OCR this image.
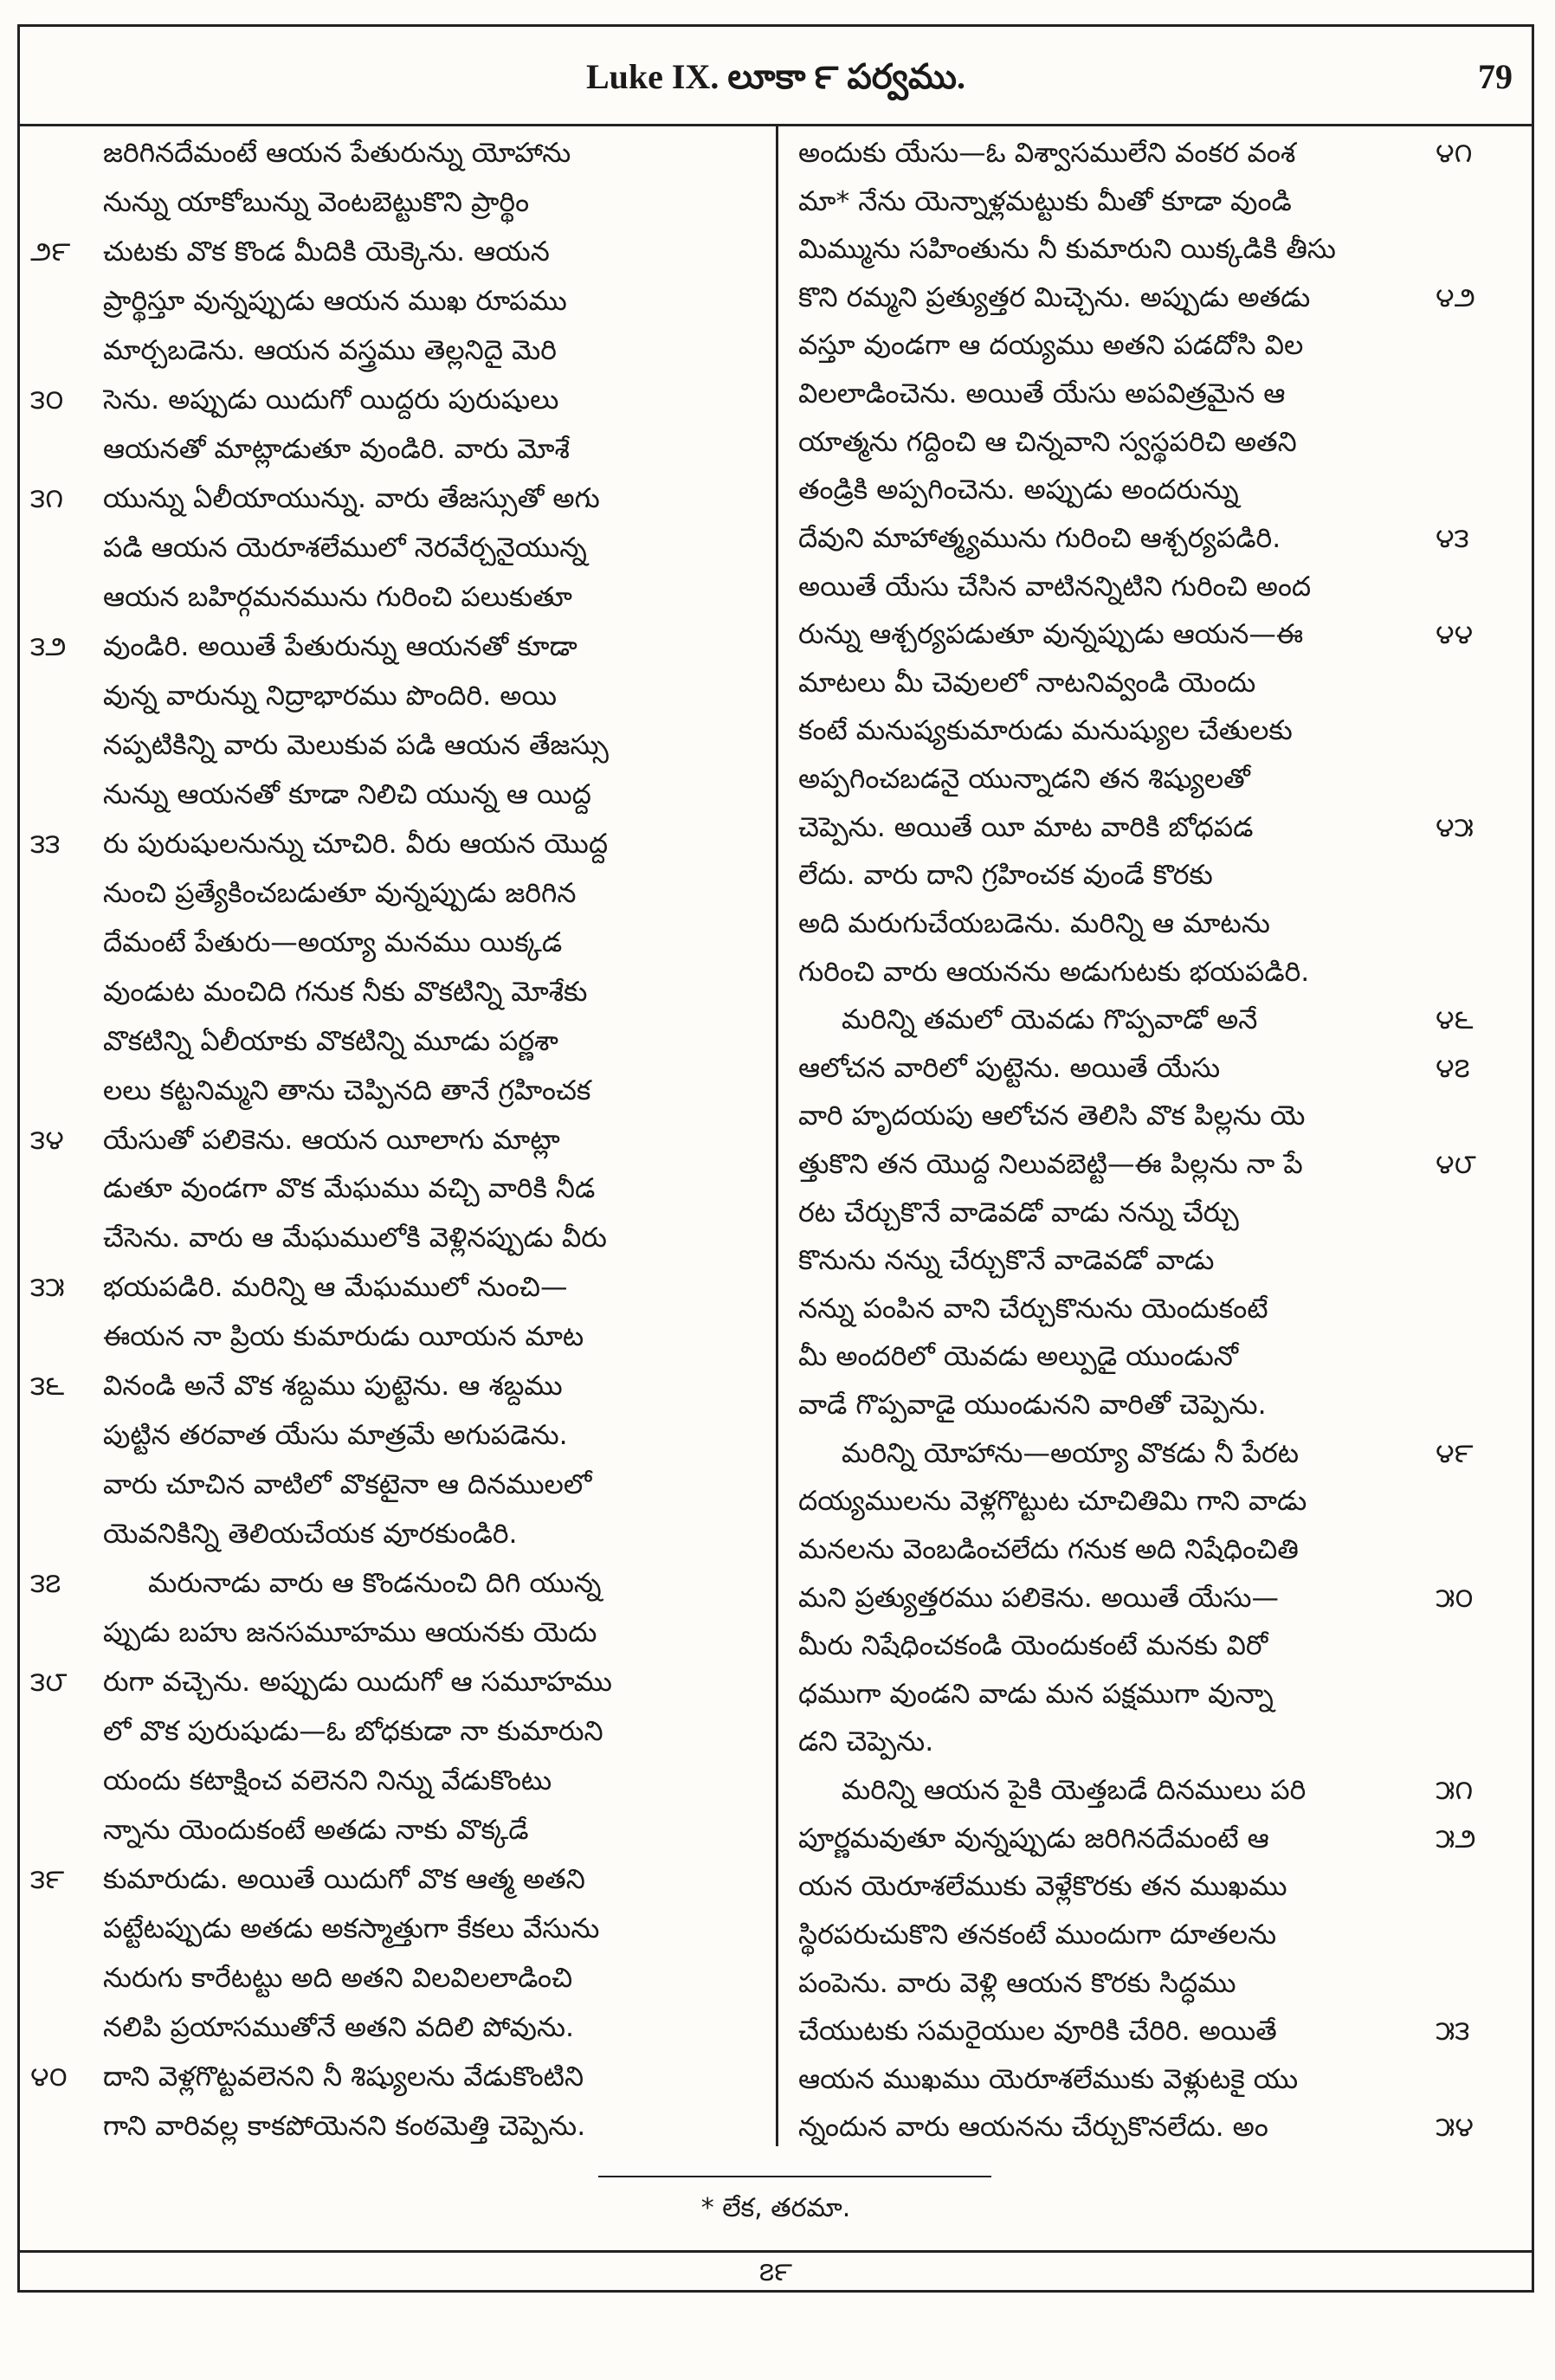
Luke IX. లూకా ౯ పర్వము.	79
జరిగినదేమంటే ఆయన పేతురున్ను యోహాను
నున్ను యాకోబున్ను వెంటబెట్టుకొని ప్రార్థిం
చుటకు వొక కొండ మీదికి యెక్కెను. ఆయన
౨౯
ప్రార్థిస్తూ వున్నప్పుడు ఆయన ముఖ రూపము
మార్చబడెను. ఆయన వస్త్రము తెల్లనిదై మెరి
సెను. అప్పుడు యిదుగో యిద్దరు పురుషులు
౩౦
ఆయనతో మాట్లాడుతూ వుండిరి. వారు మోశే
యున్ను ఏలీయాయున్ను. వారు తేజస్సుతో అగు
౩౧
పడి ఆయన యెరూశలేములో నెరవేర్చనైయున్న
ఆయన బహిర్గమనమును గురించి పలుకుతూ
వుండిరి. అయితే పేతురున్ను ఆయనతో కూడా
౩౨
వున్న వారున్ను నిద్రాభారము పొందిరి. అయి
నప్పటికిన్ని వారు మెలుకువ పడి ఆయన తేజస్సు
నున్ను ఆయనతో కూడా నిలిచి యున్న ఆ యిద్ద
రు పురుషులనున్ను చూచిరి. వీరు ఆయన యొద్ద
౩౩
నుంచి ప్రత్యేకించబడుతూ వున్నప్పుడు జరిగిన
దేమంటే పేతురు—అయ్యా మనము యిక్కడ
వుండుట మంచిది గనుక నీకు వొకటిన్ని మోశేకు
వొకటిన్ని ఏలీయాకు వొకటిన్ని మూడు పర్ణశా
లలు కట్టనిమ్మని తాను చెప్పినది తానే గ్రహించక
యేసుతో పలికెను. ఆయన యీలాగు మాట్లా
౩౪
డుతూ వుండగా వొక మేఘము వచ్చి వారికి నీడ
చేసెను. వారు ఆ మేఘములోకి వెళ్లినప్పుడు వీరు
భయపడిరి. మరిన్ని ఆ మేఘములో నుంచి—
౩౫
ఈయన నా ప్రియ కుమారుడు యీయన మాట
వినండి అనే వొక శబ్దము పుట్టెను. ఆ శబ్దము
౩౬
పుట్టిన తరవాత యేసు మాత్రమే అగుపడెను.
వారు చూచిన వాటిలో వొకటైనా ఆ దినములలో
యెవనికిన్ని తెలియచేయక వూరకుండిరి.
మరునాడు వారు ఆ కొండనుంచి దిగి యున్న
౩౭
ప్పుడు బహు జనసమూహము ఆయనకు యెదు
రుగా వచ్చెను. అప్పుడు యిదుగో ఆ సమూహము
౩౮
లో వొక పురుషుడు—ఓ బోధకుడా నా కుమారుని
యందు కటాక్షించ వలెనని నిన్ను వేడుకొంటు
న్నాను యెందుకంటే అతడు నాకు వొక్కడే
కుమారుడు. అయితే యిదుగో వొక ఆత్మ అతని
౩౯
పట్టేటప్పుడు అతడు అకస్మాత్తుగా కేకలు వేసును
నురుగు కారేటట్టు అది అతని విలవిలలాడించి
నలిపి ప్రయాసముతోనే అతని వదిలి పోవును.
దాని వెళ్లగొట్టవలెనని నీ శిష్యులను వేడుకొంటిని
౪౦
గాని వారివల్ల కాకపోయెనని కంఠమెత్తి చెప్పెను.
అందుకు యేసు—ఓ విశ్వాసములేని వంకర వంశ	౪౧
మా* నేను యెన్నాళ్లమట్టుకు మీతో కూడా వుండి
మిమ్మును సహింతును నీ కుమారుని యిక్కడికి తీసు
కొని రమ్మని ప్రత్యుత్తర మిచ్చెను. అప్పుడు అతడు	౪౨
వస్తూ వుండగా ఆ దయ్యము అతని పడదోసి విల
విలలాడించెను. అయితే యేసు అపవిత్రమైన ఆ
యాత్మను గద్దించి ఆ చిన్నవాని స్వస్థపరిచి అతని
తండ్రికి అప్పగించెను. అప్పుడు అందరున్ను
దేవుని మాహాత్మ్యమును గురించి ఆశ్చర్యపడిరి.	౪౩
అయితే యేసు చేసిన వాటినన్నిటిని గురించి అంద
రున్ను ఆశ్చర్యపడుతూ వున్నప్పుడు ఆయన—ఈ	౪౪
మాటలు మీ చెవులలో నాటనివ్వండి యెందు
కంటే మనుష్యకుమారుడు మనుష్యుల చేతులకు
అప్పగించబడనై యున్నాడని తన శిష్యులతో
చెప్పెను. అయితే యీ మాట వారికి బోధపడ	౪౫
లేదు. వారు దాని గ్రహించక వుండే కొరకు
అది మరుగుచేయబడెను. మరిన్ని ఆ మాటను
గురించి వారు ఆయనను అడుగుటకు భయపడిరి.
మరిన్ని తమలో యెవడు గొప్పవాడో అనే	౪౬
ఆలోచన వారిలో పుట్టెను. అయితే యేసు	౪౭
వారి హృదయపు ఆలోచన తెలిసి వొక పిల్లను యె
త్తుకొని తన యొద్ద నిలువబెట్టి—ఈ పిల్లను నా పే	౪౮
రట చేర్చుకొనే వాడెవడో వాడు నన్ను చేర్చు
కొనును నన్ను చేర్చుకొనే వాడెవడో వాడు
నన్ను పంపిన వాని చేర్చుకొనును యెందుకంటే
మీ అందరిలో యెవడు అల్పుడై యుండునో
వాడే గొప్పవాడై యుండునని వారితో చెప్పెను.
మరిన్ని యోహాను—అయ్యా వొకడు నీ పేరట	౪౯
దయ్యములను వెళ్లగొట్టుట చూచితిమి గాని వాడు
మనలను వెంబడించలేదు గనుక అది నిషేధించితి
మని ప్రత్యుత్తరము పలికెను. అయితే యేసు—	౫౦
మీరు నిషేధించకండి యెందుకంటే మనకు విరో
ధముగా వుండని వాడు మన పక్షముగా వున్నా
డని చెప్పెను.
మరిన్ని ఆయన పైకి యెత్తబడే దినములు పరి	౫౧
పూర్ణమవుతూ వున్నప్పుడు జరిగినదేమంటే ఆ	౫౨
యన యెరూశలేముకు వెళ్లేకొరకు తన ముఖము
స్థిరపరుచుకొని తనకంటే ముందుగా దూతలను
పంపెను. వారు వెళ్లి ఆయన కొరకు సిద్ధము
చేయుటకు సమరైయుల వూరికి చేరిరి. అయితే	౫౩
ఆయన ముఖము యెరూశలేముకు వెళ్లుటకై యు
న్నందున వారు ఆయనను చేర్చుకొనలేదు. అం	౫౪
* లేక, తరమా.
౭౯
